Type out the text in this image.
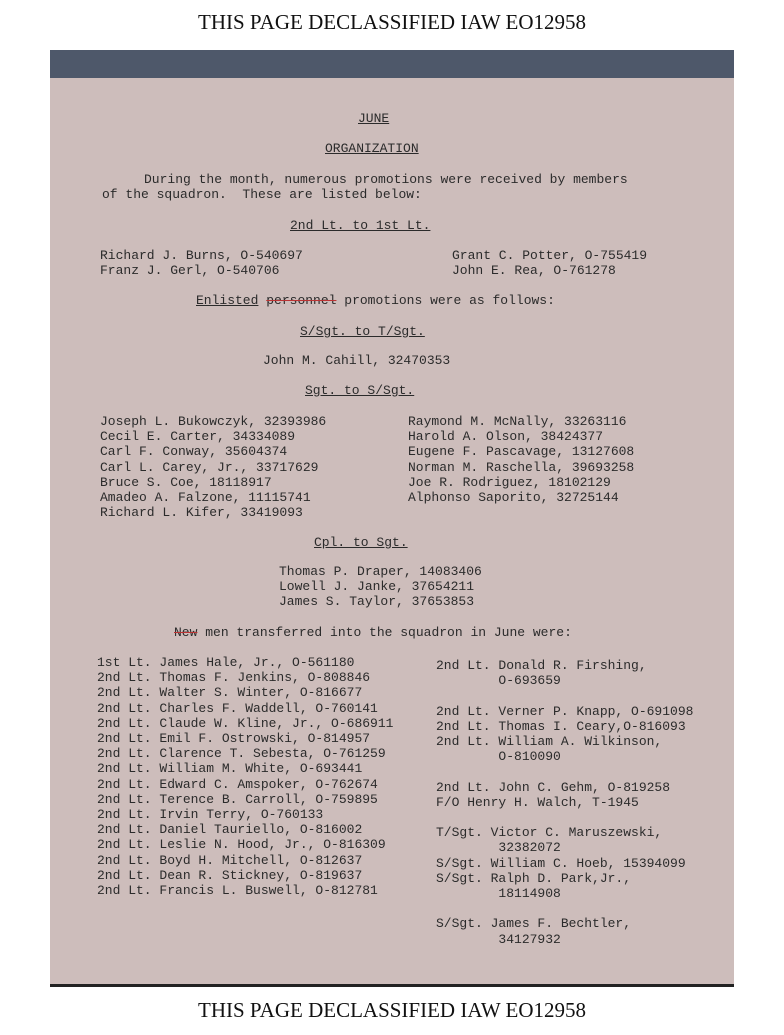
THIS PAGE DECLASSIFIED IAW EO12958
JUNE
ORGANIZATION
During the month, numerous promotions were received by members
of the squadron.  These are listed below:
2nd Lt. to 1st Lt.
Richard J. Burns, O-540697
Franz J. Gerl, O-540706
Grant C. Potter, O-755419
John E. Rea, O-761278
Enlisted personnel promotions were as follows:
S/Sgt. to T/Sgt.
John M. Cahill, 32470353
Sgt. to S/Sgt.
Joseph L. Bukowczyk, 32393986
Cecil E. Carter, 34334089
Carl F. Conway, 35604374
Carl L. Carey, Jr., 33717629
Bruce S. Coe, 18118917
Amadeo A. Falzone, 11115741
Richard L. Kifer, 33419093
Raymond M. McNally, 33263116
Harold A. Olson, 38424377
Eugene F. Pascavage, 13127608
Norman M. Raschella, 39693258
Joe R. Rodriguez, 18102129
Alphonso Saporito, 32725144
Cpl. to Sgt.
Thomas P. Draper, 14083406
Lowell J. Janke, 37654211
James S. Taylor, 37653853
New men transferred into the squadron in June were:
1st Lt. James Hale, Jr., O-561180
2nd Lt. Thomas F. Jenkins, O-808846
2nd Lt. Walter S. Winter, O-816677
2nd Lt. Charles F. Waddell, O-760141
2nd Lt. Claude W. Kline, Jr., O-686911
2nd Lt. Emil F. Ostrowski, O-814957
2nd Lt. Clarence T. Sebesta, O-761259
2nd Lt. William M. White, O-693441
2nd Lt. Edward C. Amspoker, O-762674
2nd Lt. Terence B. Carroll, O-759895
2nd Lt. Irvin Terry, O-760133
2nd Lt. Daniel Tauriello, O-816002
2nd Lt. Leslie N. Hood, Jr., O-816309
2nd Lt. Boyd H. Mitchell, O-812637
2nd Lt. Dean R. Stickney, O-819637
2nd Lt. Francis L. Buswell, O-812781
2nd Lt. Donald R. Firshing,
O-693659

2nd Lt. Verner P. Knapp, O-691098
2nd Lt. Thomas I. Ceary,O-816093
2nd Lt. William A. Wilkinson,
O-810090

2nd Lt. John C. Gehm, O-819258
F/O Henry H. Walch, T-1945

T/Sgt. Victor C. Maruszewski,
32382072
S/Sgt. William C. Hoeb, 15394099
S/Sgt. Ralph D. Park,Jr.,
18114908

S/Sgt. James F. Bechtler,
34127932
THIS PAGE DECLASSIFIED IAW EO12958
